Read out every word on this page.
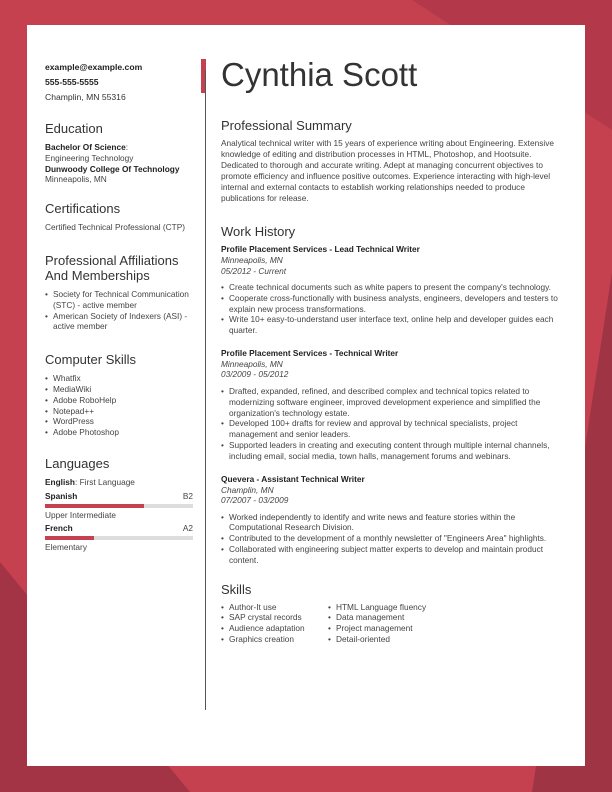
example@example.com
555-555-5555
Champlin, MN 55316
Education
Bachelor Of Science:
Engineering Technology
Dunwoody College Of Technology
Minneapolis, MN
Certifications
Certified Technical Professional (CTP)
Professional Affiliations And Memberships
• Society for Technical Communication (STC) - active member
• American Society of Indexers (ASI) - active member
Computer Skills
• Whatfix
• MediaWiki
• Adobe RoboHelp
• Notepad++
• WordPress
• Adobe Photoshop
Languages
English: First Language
Spanish	B2
Upper Intermediate
French	A2
Elementary
Cynthia Scott
Professional Summary
Analytical technical writer with 15 years of experience writing about Engineering. Extensive knowledge of editing and distribution processes in HTML, Photoshop, and Hootsuite. Dedicated to thorough and accurate writing. Adept at managing concurrent objectives to promote efficiency and influence positive outcomes. Experience interacting with high-level internal and external contacts to establish working relationships needed to produce publications for release.
Work History
Profile Placement Services - Lead Technical Writer
Minneapolis, MN
05/2012 - Current
• Create technical documents such as white papers to present the company's technology.
• Cooperate cross-functionally with business analysts, engineers, developers and testers to explain new process transformations.
• Write 10+ easy-to-understand user interface text, online help and developer guides each quarter.
Profile Placement Services - Technical Writer
Minneapolis, MN
03/2009 - 05/2012
• Drafted, expanded, refined, and described complex and technical topics related to modernizing software engineer, improved development experience and simplified the organization's technology estate.
• Developed 100+ drafts for review and approval by technical specialists, project management and senior leaders.
• Supported leaders in creating and executing content through multiple internal channels, including email, social media, town halls, management forums and webinars.
Quevera - Assistant Technical Writer
Champlin, MN
07/2007 - 03/2009
• Worked independently to identify and write news and feature stories within the Computational Research Division.
• Contributed to the development of a monthly newsletter of "Engineers Area" highlights.
• Collaborated with engineering subject matter experts to develop and maintain product content.
Skills
• Author-It use
• SAP crystal records
• Audience adaptation
• Graphics creation
• HTML Language fluency
• Data management
• Project management
• Detail-oriented
